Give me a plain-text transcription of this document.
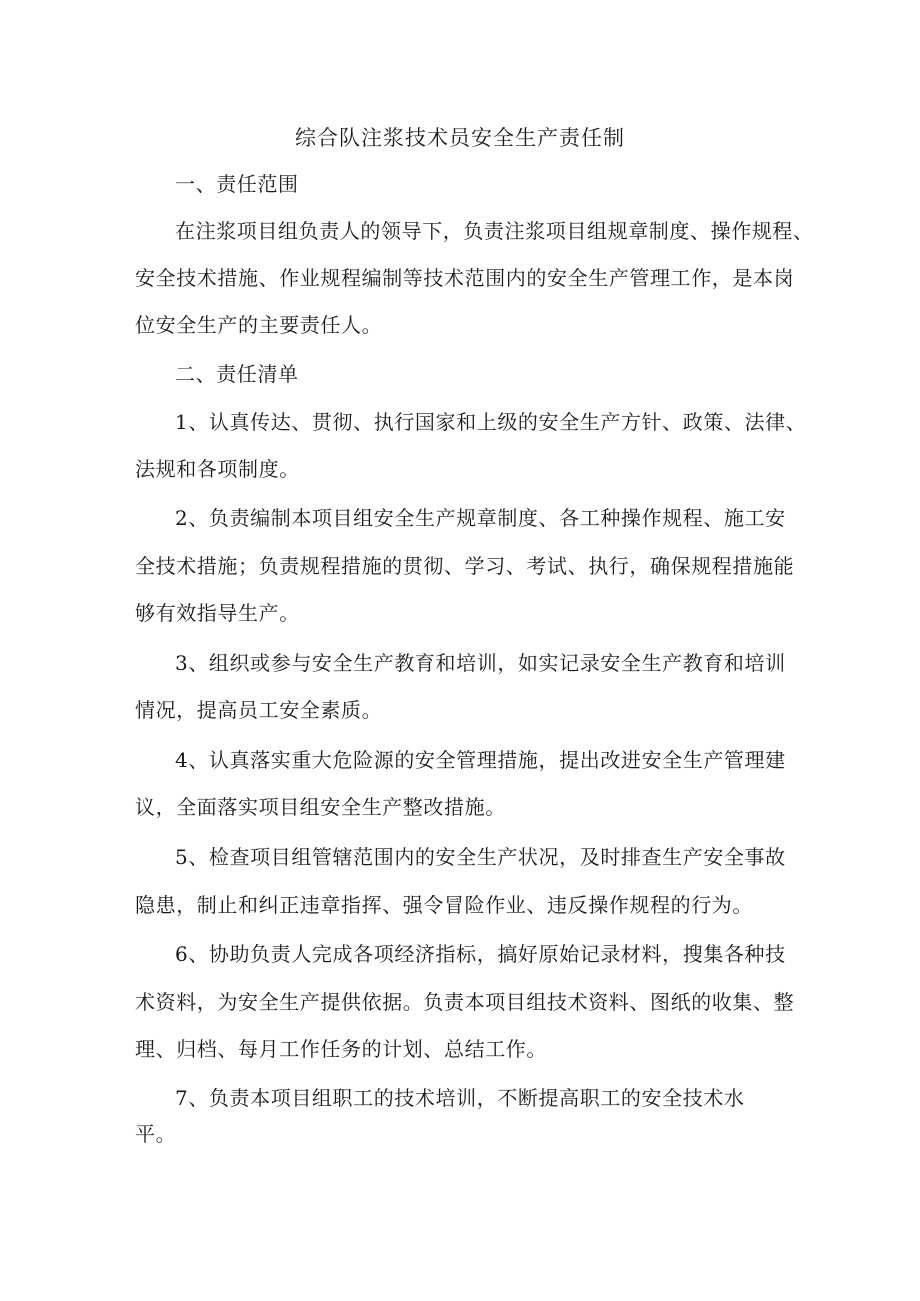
综合队注浆技术员安全生产责任制
一、责任范围
在注浆项目组负责人的领导下，负责注浆项目组规章制度、操作规程、
安全技术措施、作业规程编制等技术范围内的安全生产管理工作，是本岗
位安全生产的主要责任人。
二、责任清单
1、认真传达、贯彻、执行国家和上级的安全生产方针、政策、法律、
法规和各项制度。
2、负责编制本项目组安全生产规章制度、各工种操作规程、施工安
全技术措施；负责规程措施的贯彻、学习、考试、执行，确保规程措施能
够有效指导生产。
3、组织或参与安全生产教育和培训，如实记录安全生产教育和培训
情况，提高员工安全素质。
4、认真落实重大危险源的安全管理措施，提出改进安全生产管理建
议，全面落实项目组安全生产整改措施。
5、检查项目组管辖范围内的安全生产状况，及时排查生产安全事故
隐患，制止和纠正违章指挥、强令冒险作业、违反操作规程的行为。
6、协助负责人完成各项经济指标，搞好原始记录材料，搜集各种技
术资料，为安全生产提供依据。负责本项目组技术资料、图纸的收集、整
理、归档、每月工作任务的计划、总结工作。
7、负责本项目组职工的技术培训，不断提高职工的安全技术水
平。
